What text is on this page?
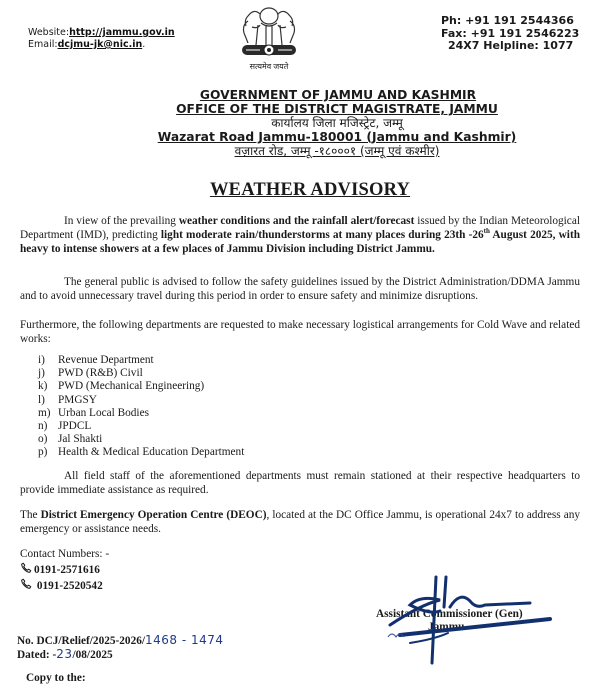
Website:http://jammu.gov.in
Email:dcjmu-jk@nic.in.
सत्यमेव जयते
Ph: +91 191 2544366
Fax: +91 191 2546223
24X7 Helpline: 1077
GOVERNMENT OF JAMMU AND KASHMIR
OFFICE OF THE DISTRICT MAGISTRATE, JAMMU
कार्यालय जिला मजिस्ट्रेट, जम्मू
Wazarat Road Jammu-180001 (Jammu and Kashmir)
वज़ारत रोड, जम्मू -१८०००१ (जम्मू एवं कश्मीर)
WEATHER ADVISORY
In view of the prevailing weather conditions and the rainfall alert/forecast issued by the Indian Meteorological Department (IMD), predicting light moderate rain/thunderstorms at many places during 23th -26th August 2025, with heavy to intense showers at a few places of Jammu Division including District Jammu.
The general public is advised to follow the safety guidelines issued by the District Administration/DDMA Jammu and to avoid unnecessary travel during this period in order to ensure safety and minimize disruptions.
Furthermore, the following departments are requested to make necessary logistical arrangements for Cold Wave and related works:
i)	Revenue Department
j)	PWD (R&B) Civil
k) PWD (Mechanical Engineering)
l)	PMGSY
m) Urban Local Bodies
n) JPDCL
o) Jal Shakti
p) Health & Medical Education Department
All field staff of the aforementioned departments must remain stationed at their respective headquarters to provide immediate assistance as required.
The District Emergency Operation Centre (DEOC), located at the DC Office Jammu, is operational 24x7 to address any emergency or assistance needs.
Contact Numbers: -
0191-2571616
0191-2520542
Assistant Commissioner (Gen)
Jammu
No. DCJ/Relief/2025-2026/1468 - 1474
Dated: -23/08/2025
Copy to the:
